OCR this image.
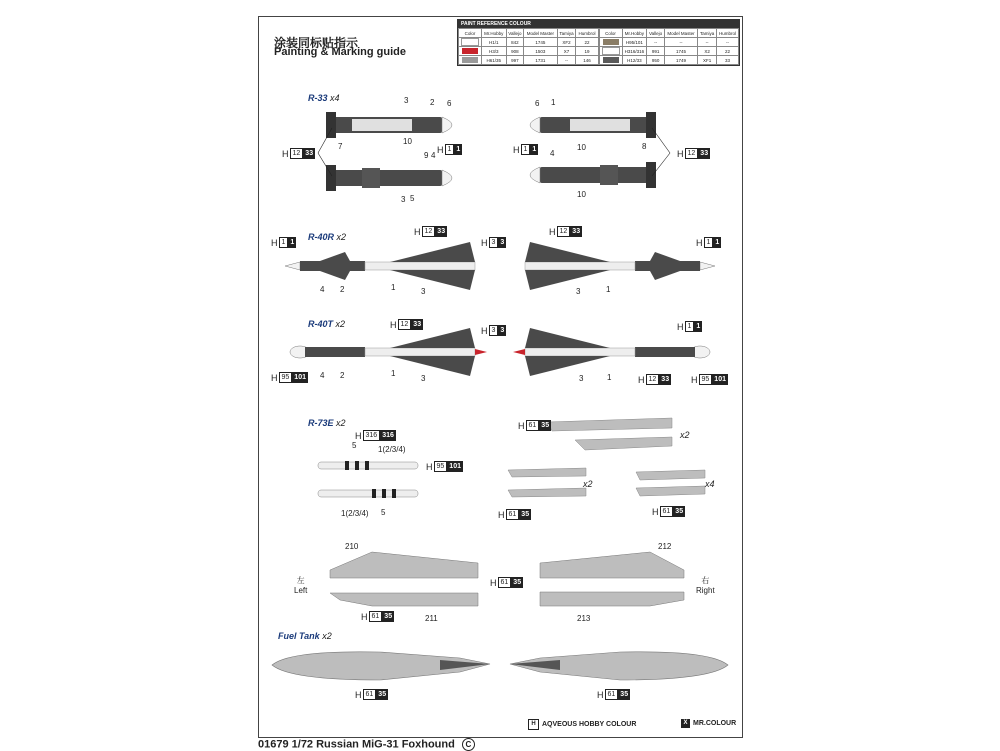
涂装同标贴指示
Painting & Marking guide
PAINT REFERENCE COLOUR
Color	Mr.Hobby	Vallejo	Model Master	Tamiya	Humbrol
	H1/1	842	1745	XF2	22
	H3/3	908	1503	X7	19
	H61/35	997	1731	--	146
Color	Mr.Hobby	Vallejo	Model Master	Tamiya	Humbrol
	H95/101	--	--	--	--
	H316/316	991	1745	X2	22
	H12/33	950	1749	XF1	33
R-33 x4
R-40R x2
R-40T x2
R-73E x2
Fuel Tank x2
H 12 33	H 1 1	H 1 1	H 12 33
H 1 1
H 12 33
H 3 3
H 12 33
H 1 1
H 12 33
H 3 3	H 1 1
H 95 101	H 12 33 H 95 101
H 316 316
H 95 101
H 61 35
H 61 35	H 61 35
H 61 35
H 61 35
H 61 35	H 61 35
3	2 6
7
10
9 4
3 5
6 1
10	8
4
10
4 2	1	3	3	1
4 2	1
3	3	1
5	1(2/3/4)
1(2/3/4) 5
210
211
212
213
x2
x2	x4
左
Left
右
Right
H AQVEOUS HOBBY COLOUR	X MR.COLOUR
01679 1/72 Russian MiG-31 Foxhound C
